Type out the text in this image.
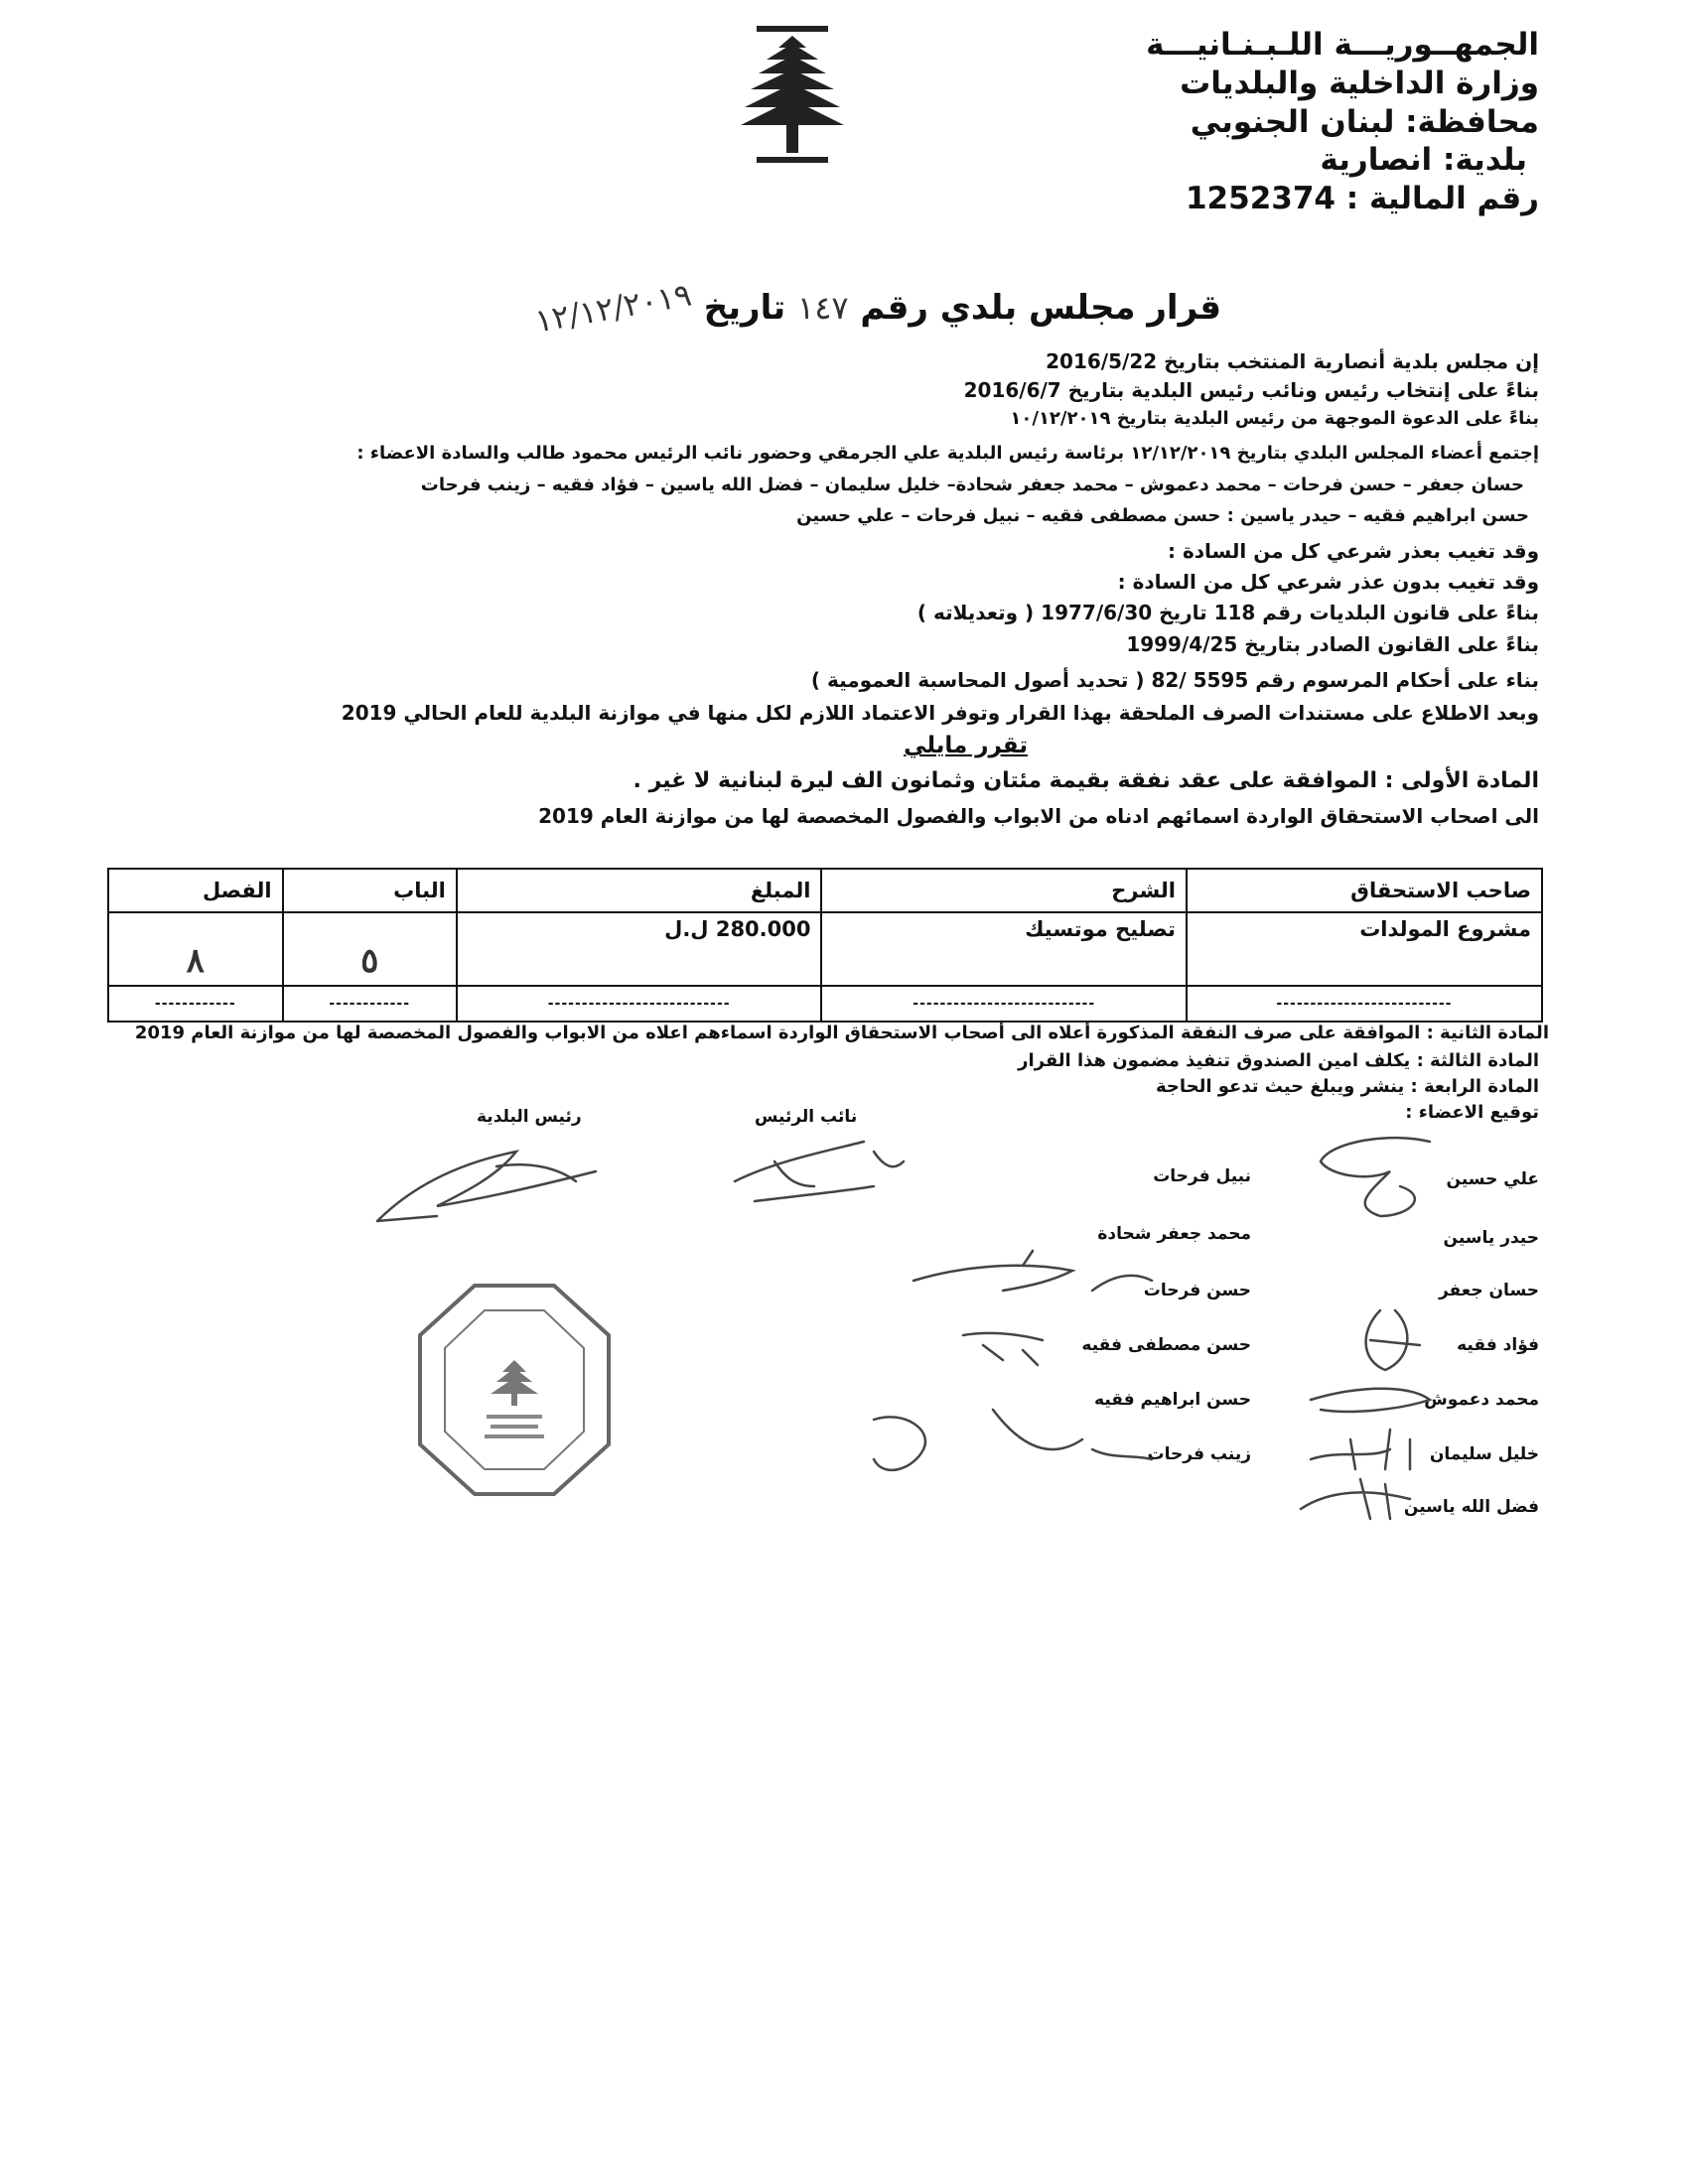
الجمهــوريـــة اللـبـنـانيـــة
وزارة الداخلية والبلديات
محافظة: لبنان الجنوبي
بلدية: انصارية
رقم المالية : 1252374
قرار مجلس بلدي رقم ١٤٧ تاريخ ١٢/١٢/٢٠١٩
إن مجلس بلدية أنصارية المنتخب بتاريخ 2016/5/22
بناءً على إنتخاب رئيس ونائب رئيس البلدية بتاريخ 2016/6/7
بناءً على الدعوة الموجهة من رئيس البلدية بتاريخ ١٠/١٢/٢٠١٩
إجتمع أعضاء المجلس البلدي بتاريخ ١٢/١٢/٢٠١٩ برئاسة رئيس البلدية علي الجرمقي وحضور نائب الرئيس محمود طالب والسادة الاعضاء :
حسان جعفر – حسن فرحات – محمد دعموش – محمد جعفر شحادة– خليل سليمان – فضل الله ياسين – فؤاد فقيه – زينب فرحات
حسن ابراهيم فقيه – حيدر ياسين : حسن مصطفى فقيه – نبيل فرحات – علي حسين
وقد تغيب بعذر شرعي كل من السادة :
وقد تغيب بدون عذر شرعي كل من السادة :
بناءً على قانون البلديات رقم 118 تاريخ 1977/6/30 ( وتعديلاته )
بناءً على القانون الصادر بتاريخ 1999/4/25
بناء على أحكام المرسوم رقم 5595 /82 ( تحديد أصول المحاسبة العمومية )
وبعد الاطلاع على مستندات الصرف الملحقة بهذا القرار وتوفر الاعتماد اللازم لكل منها في موازنة البلدية للعام الحالي 2019
تقرر مايلي
المادة الأولى : الموافقة على عقد نفقة بقيمة مئتان وثمانون الف ليرة لبنانية لا غير .
الى اصحاب الاستحقاق الواردة اسمائهم ادناه من الابواب والفصول المخصصة لها من موازنة العام 2019
صاحب الاستحقاق	الشرح	المبلغ	الباب	الفصل
مشروع المولدات	تصليح موتسيك	280.000 ل.ل	٥	٨
--------------------------	---------------------------	---------------------------	------------	------------
المادة الثانية : الموافقة على صرف النفقة المذكورة أعلاه الى أصحاب الاستحقاق الواردة اسماءهم اعلاه من الابواب والفصول المخصصة لها من موازنة العام 2019
المادة الثالثة : يكلف امين الصندوق تنفيذ مضمون هذا القرار
المادة الرابعة : ينشر ويبلغ حيث تدعو الحاجة
توقيع الاعضاء :
رئيس البلدية	نائب الرئيس
علي حسين
حيدر ياسين
حسان جعفر
فؤاد فقيه
محمد دعموش
خليل سليمان
فضل الله ياسين
نبيل فرحات
محمد جعفر شحادة
حسن فرحات
حسن مصطفى فقيه
حسن ابراهيم فقيه
زينب فرحات
